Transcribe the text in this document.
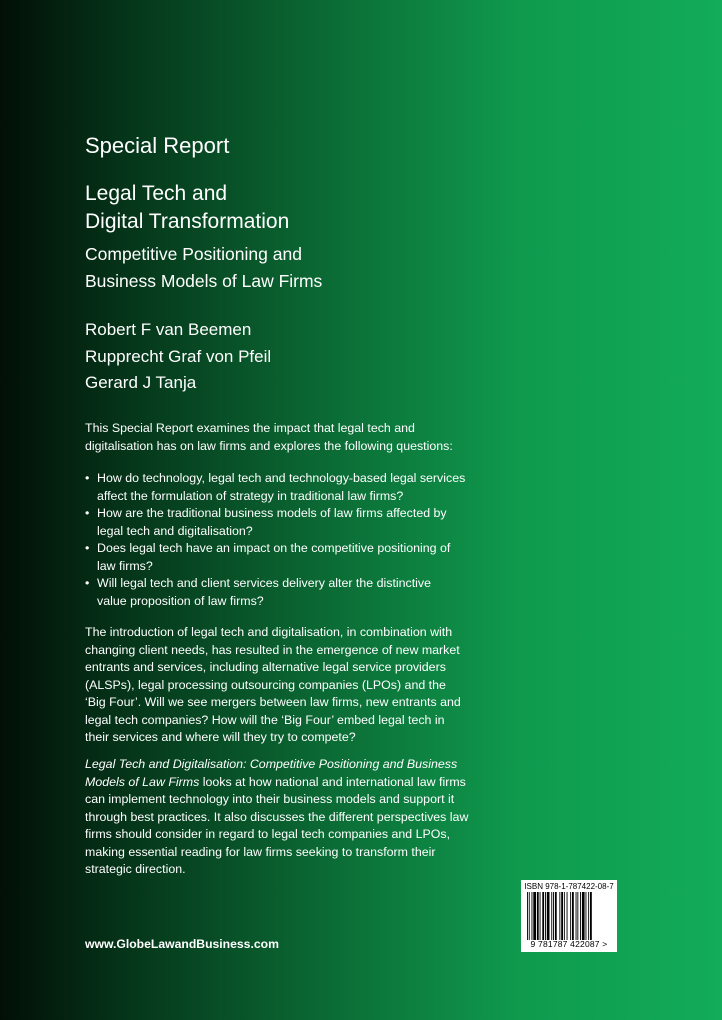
Special Report
Legal Tech and
Digital Transformation
Competitive Positioning and
Business Models of Law Firms
Robert F van Beemen
Rupprecht Graf von Pfeil
Gerard J Tanja
This Special Report examines the impact that legal tech and
digitalisation has on law firms and explores the following questions:
• How do technology, legal tech and technology-based legal services
affect the formulation of strategy in traditional law firms?
• How are the traditional business models of law firms affected by
legal tech and digitalisation?
• Does legal tech have an impact on the competitive positioning of
law firms?
• Will legal tech and client services delivery alter the distinctive
value proposition of law firms?
The introduction of legal tech and digitalisation, in combination with
changing client needs, has resulted in the emergence of new market
entrants and services, including alternative legal service providers
(ALSPs), legal processing outsourcing companies (LPOs) and the
‘Big Four’. Will we see mergers between law firms, new entrants and
legal tech companies? How will the ‘Big Four’ embed legal tech in
their services and where will they try to compete?
Legal Tech and Digitalisation: Competitive Positioning and Business
Models of Law Firms looks at how national and international law firms
can implement technology into their business models and support it
through best practices. It also discusses the different perspectives law
firms should consider in regard to legal tech companies and LPOs,
making essential reading for law firms seeking to transform their
strategic direction.
www.GlobeLawandBusiness.com
ISBN 978-1-787422-08-7
9 781787 422087 >
